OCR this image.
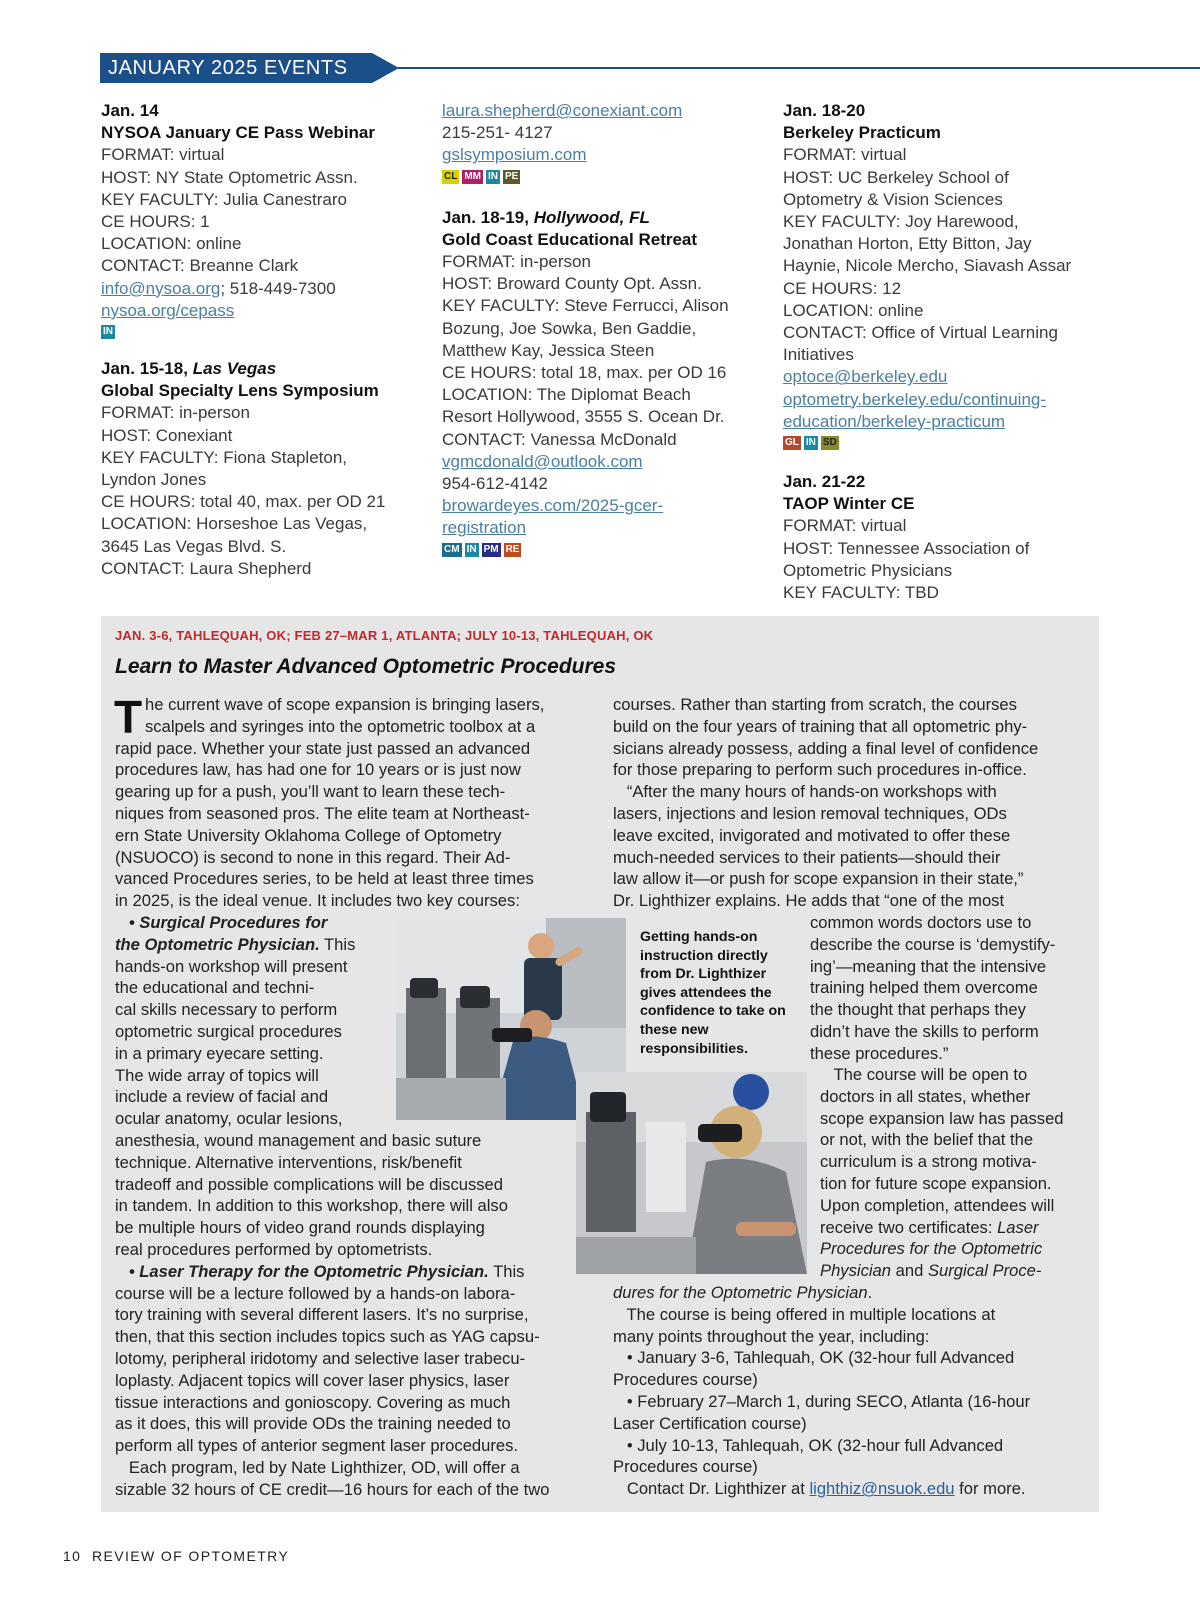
JANUARY 2025 EVENTS
Jan. 14
NYSOA January CE Pass Webinar
FORMAT: virtual
HOST: NY State Optometric Assn.
KEY FACULTY: Julia Canestraro
CE HOURS: 1
LOCATION: online
CONTACT: Breanne Clark
info@nysoa.org; 518-449-7300
nysoa.org/cepass
IN
Jan. 15-18, Las Vegas
Global Specialty Lens Symposium
FORMAT: in-person
HOST: Conexiant
KEY FACULTY: Fiona Stapleton,
Lyndon Jones
CE HOURS: total 40, max. per OD 21
LOCATION: Horseshoe Las Vegas,
3645 Las Vegas Blvd. S.
CONTACT: Laura Shepherd
laura.shepherd@conexiant.com
215-251- 4127
gslsymposium.com
CL MM IN PE
Jan. 18-19, Hollywood, FL
Gold Coast Educational Retreat
FORMAT: in-person
HOST: Broward County Opt. Assn.
KEY FACULTY: Steve Ferrucci, Alison
Bozung, Joe Sowka, Ben Gaddie,
Matthew Kay, Jessica Steen
CE HOURS: total 18, max. per OD 16
LOCATION: The Diplomat Beach
Resort Hollywood, 3555 S. Ocean Dr.
CONTACT: Vanessa McDonald
vgmcdonald@outlook.com
954-612-4142
browardeyes.com/2025-gcer-
registration
CM IN PM RE
Jan. 18-20
Berkeley Practicum
FORMAT: virtual
HOST: UC Berkeley School of
Optometry & Vision Sciences
KEY FACULTY: Joy Harewood,
Jonathan Horton, Etty Bitton, Jay
Haynie, Nicole Mercho, Siavash Assar
CE HOURS: 12
LOCATION: online
CONTACT: Office of Virtual Learning
Initiatives
optoce@berkeley.edu
optometry.berkeley.edu/continuing-
education/berkeley-practicum
GL IN SD
Jan. 21-22
TAOP Winter CE
FORMAT: virtual
HOST: Tennessee Association of
Optometric Physicians
KEY FACULTY: TBD
JAN. 3-6, TAHLEQUAH, OK; FEB 27–MAR 1, ATLANTA; JULY 10-13, TAHLEQUAH, OK
Learn to Master Advanced Optometric Procedures
T he current wave of scope expansion is bringing lasers,
scalpels and syringes into the optometric toolbox at a
rapid pace. Whether your state just passed an advanced
procedures law, has had one for 10 years or is just now
gearing up for a push, you’ll want to learn these tech-
niques from seasoned pros. The elite team at Northeast-
ern State University Oklahoma College of Optometry
(NSUOCO) is second to none in this regard. Their Ad-
vanced Procedures series, to be held at least three times
in 2025, is the ideal venue. It includes two key courses:
• Surgical Procedures for
the Optometric Physician. This
hands-on workshop will present
the educational and techni-
cal skills necessary to perform
optometric surgical procedures
in a primary eyecare setting.
The wide array of topics will
include a review of facial and
ocular anatomy, ocular lesions,
anesthesia, wound management and basic suture
technique. Alternative interventions, risk/benefit
tradeoff and possible complications will be discussed
in tandem. In addition to this workshop, there will also
be multiple hours of video grand rounds displaying
real procedures performed by optometrists.
• Laser Therapy for the Optometric Physician. This
course will be a lecture followed by a hands-on labora-
tory training with several different lasers. It’s no surprise,
then, that this section includes topics such as YAG capsu-
lotomy, peripheral iridotomy and selective laser trabecu-
loplasty. Adjacent topics will cover laser physics, laser
tissue interactions and gonioscopy. Covering as much
as it does, this will provide ODs the training needed to
perform all types of anterior segment laser procedures.
Each program, led by Nate Lighthizer, OD, will offer a
sizable 32 hours of CE credit—16 hours for each of the two
courses. Rather than starting from scratch, the courses
build on the four years of training that all optometric phy-
sicians already possess, adding a final level of confidence
for those preparing to perform such procedures in-office.
“After the many hours of hands-on workshops with
lasers, injections and lesion removal techniques, ODs
leave excited, invigorated and motivated to offer these
much-needed services to their patients—should their
law allow it—or push for scope expansion in their state,”
Dr. Lighthizer explains. He adds that “one of the most
common words doctors use to
describe the course is ‘demystify-
ing’—meaning that the intensive
training helped them overcome
the thought that perhaps they
didn’t have the skills to perform
these procedures.”
The course will be open to
doctors in all states, whether
scope expansion law has passed
or not, with the belief that the
curriculum is a strong motiva-
tion for future scope expansion.
Upon completion, attendees will
receive two certificates: Laser
Procedures for the Optometric
Physician and Surgical Proce-
dures for the Optometric Physician.
The course is being offered in multiple locations at
many points throughout the year, including:
• January 3-6, Tahlequah, OK (32-hour full Advanced
Procedures course)
• February 27–March 1, during SECO, Atlanta (16-hour
Laser Certification course)
• July 10-13, Tahlequah, OK (32-hour full Advanced
Procedures course)
Contact Dr. Lighthizer at lighthiz@nsuok.edu for more.
Getting hands-on instruction directly from Dr. Lighthizer gives attendees the confidence to take on these new responsibilities.
10 REVIEW OF OPTOMETRY
